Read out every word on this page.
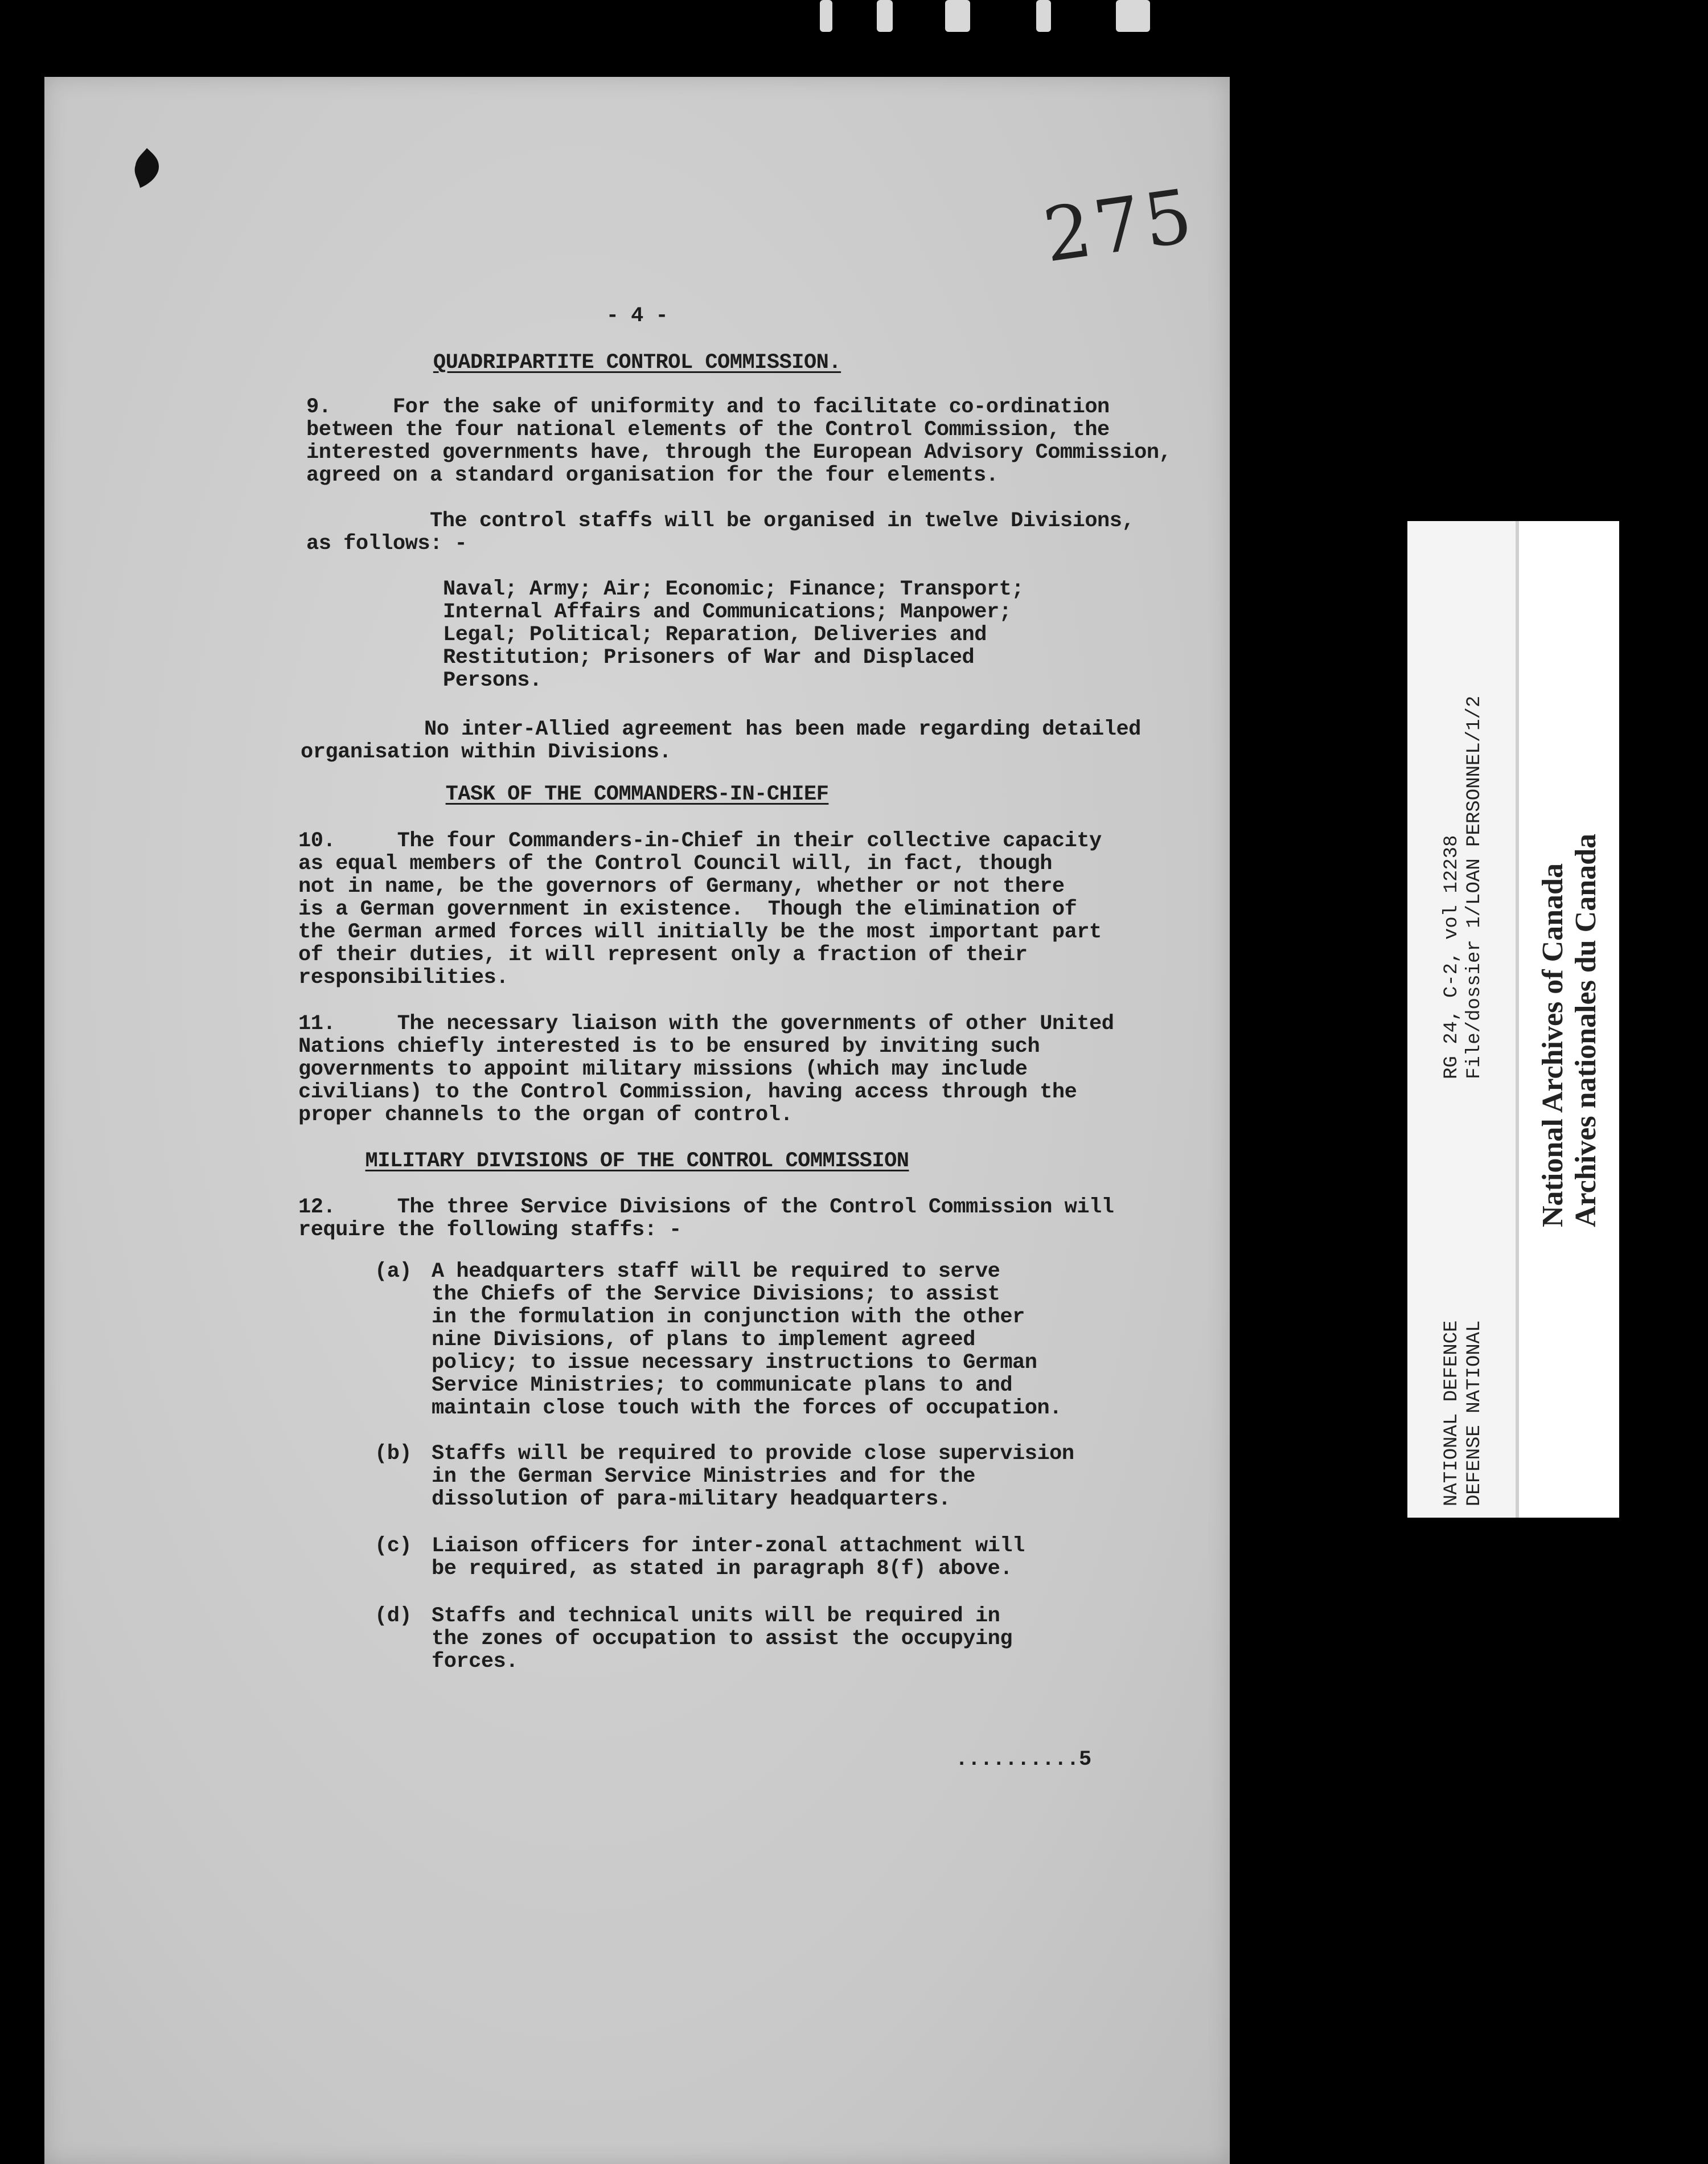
275
- 4 -
QUADRIPARTITE CONTROL COMMISSION.
9.     For the sake of uniformity and to facilitate co-ordination
between the four national elements of the Control Commission, the
interested governments have, through the European Advisory Commission,
agreed on a standard organisation for the four elements.
The control staffs will be organised in twelve Divisions,
as follows: -
Naval; Army; Air; Economic; Finance; Transport;
Internal Affairs and Communications; Manpower;
Legal; Political; Reparation, Deliveries and
Restitution; Prisoners of War and Displaced
Persons.
No inter-Allied agreement has been made regarding detailed
organisation within Divisions.
TASK OF THE COMMANDERS-IN-CHIEF
10.     The four Commanders-in-Chief in their collective capacity
as equal members of the Control Council will, in fact, though
not in name, be the governors of Germany, whether or not there
is a German government in existence.  Though the elimination of
the German armed forces will initially be the most important part
of their duties, it will represent only a fraction of their
responsibilities.
11.     The necessary liaison with the governments of other United
Nations chiefly interested is to be ensured by inviting such
governments to appoint military missions (which may include
civilians) to the Control Commission, having access through the
proper channels to the organ of control.
MILITARY DIVISIONS OF THE CONTROL COMMISSION
12.     The three Service Divisions of the Control Commission will
require the following staffs: -
(a) A headquarters staff will be required to serve
the Chiefs of the Service Divisions; to assist
in the formulation in conjunction with the other
nine Divisions, of plans to implement agreed
policy; to issue necessary instructions to German
Service Ministries; to communicate plans to and
maintain close touch with the forces of occupation.
(b) Staffs will be required to provide close supervision
in the German Service Ministries and for the
dissolution of para-military headquarters.
(c) Liaison officers for inter-zonal attachment will
be required, as stated in paragraph 8(f) above.
(d) Staffs and technical units will be required in
the zones of occupation to assist the occupying
forces.
..........5
RG 24, C-2, vol 12238 File/dossier 1/LOAN PERSONNEL/1/2
NATIONAL DEFENCE DEFENSE NATIONAL
National Archives of Canada Archives nationales du Canada
